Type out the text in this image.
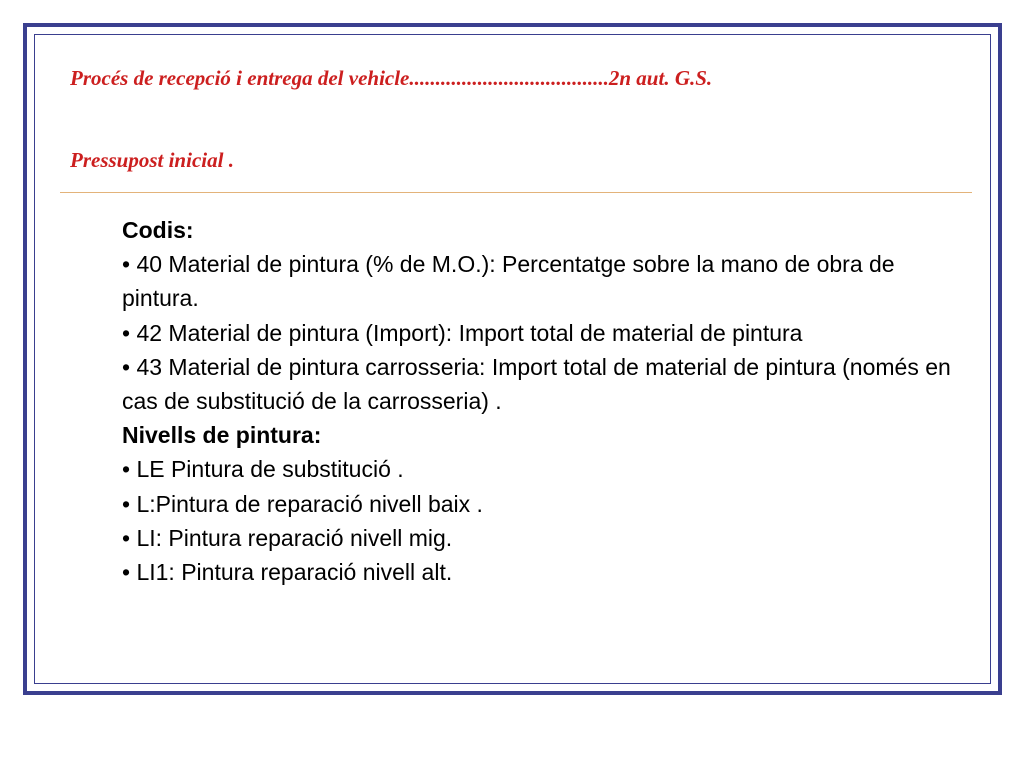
Procés de recepció i entrega del vehicle......................................2n aut. G.S.
Pressupost inicial .

Codis:

• 40 Material de pintura (% de M.O.): Percentatge sobre la mano de obra de pintura.

• 42 Material de pintura (Import): Import total de material de pintura

• 43 Material de pintura carrosseria: Import total de material de pintura (només en cas de substitució de la carrosseria) .

Nivells de pintura:

• LE Pintura de substitució .

• L:Pintura de reparació nivell baix .

• LI: Pintura reparació nivell mig.

• LI1: Pintura reparació nivell alt.
